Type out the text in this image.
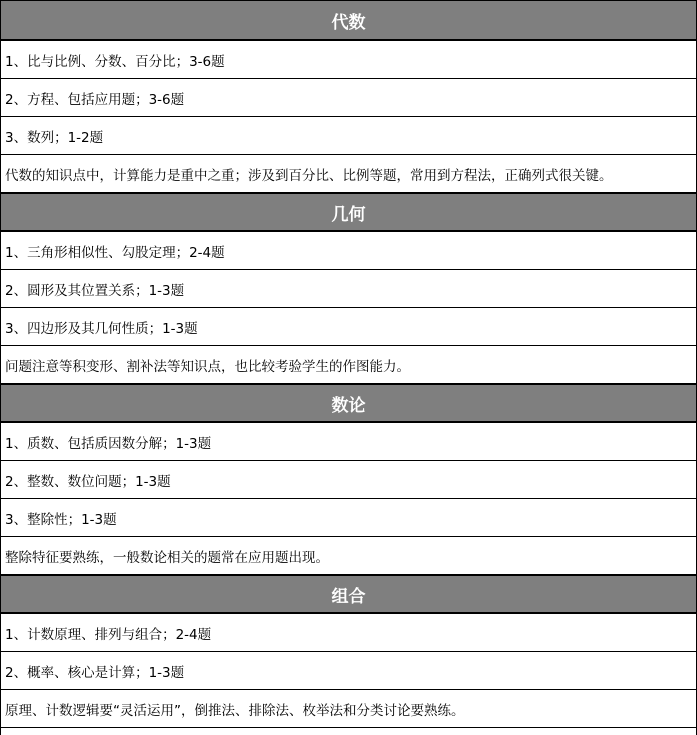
代数
1、比与比例、分数、百分比；3-6题
2、方程、包括应用题；3-6题
3、数列；1-2题
代数的知识点中，计算能力是重中之重；涉及到百分比、比例等题，常用到方程法，正确列式很关键。
几何
1、三角形相似性、勾股定理；2-4题
2、圆形及其位置关系；1-3题
3、四边形及其几何性质；1-3题
问题注意等积变形、割补法等知识点，也比较考验学生的作图能力。
数论
1、质数、包括质因数分解；1-3题
2、整数、数位问题；1-3题
3、整除性；1-3题
整除特征要熟练，一般数论相关的题常在应用题出现。
组合
1、计数原理、排列与组合；2-4题
2、概率、核心是计算；1-3题
原理、计数逻辑要“灵活运用”，倒推法、排除法、枚举法和分类讨论要熟练。
